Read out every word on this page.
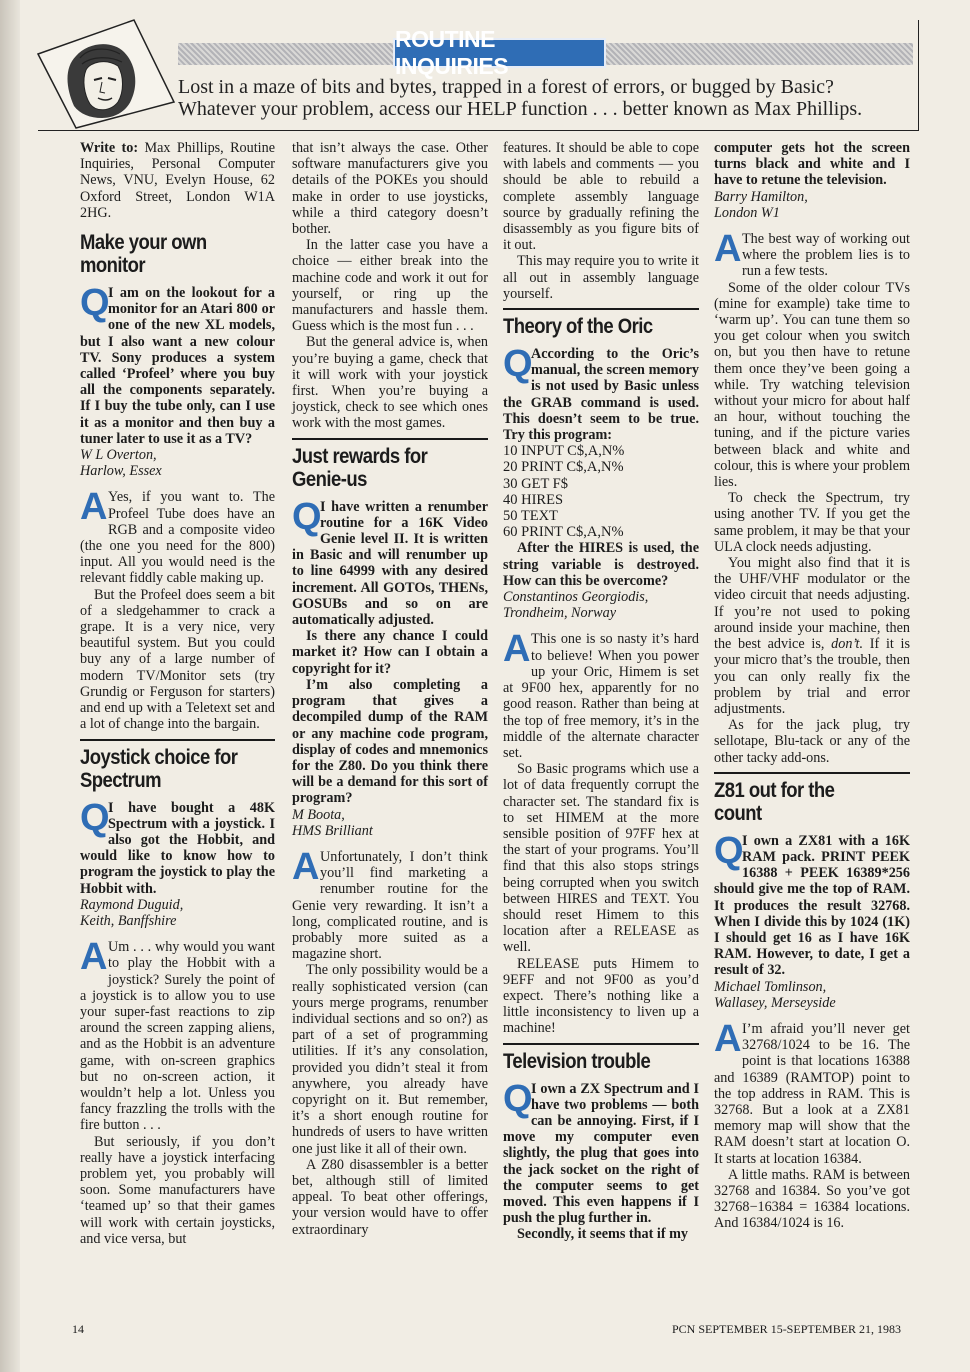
ROUTINE INQUIRIES
Lost in a maze of bits and bytes, trapped in a forest of errors, or bugged by Basic? Whatever your problem, access our HELP function . . . better known as Max Phillips.

Write to: Max Phillips, Routine Inquiries, Personal Computer News, VNU, Evelyn House, 62 Oxford Street, London W1A 2HG.

Make your own monitor

Q
I am on the lookout for a monitor for an Atari 800 or one of the new XL models, but I also want a new colour TV. Sony produces a system called ‘Profeel’ where you buy all the components separately. If I buy the tube only, can I use it as a monitor and then buy a tuner later to use it as a TV?

W L Overton,

Harlow, Essex

A Yes, if you want to. The Profeel Tube does have an RGB and a composite video (the one you need for the 800) input. All you would need is the relevant fiddly cable making up.

But the Profeel does seem a bit of a sledgehammer to crack a grape. It is a very nice, very beautiful system. But you could buy any of a large number of modern TV/Monitor sets (try Grundig or Ferguson for starters) and end up with a Teletext set and a lot of change into the bargain.

Joystick choice for Spectrum

Q
I have bought a 48K Spectrum with a joystick. I also got the Hobbit, and would like to know how to program the joystick to play the Hobbit with.

Raymond Duguid,

Keith, Banffshire

A Um . . . why would you want to play the Hobbit with a joystick? Surely the point of a joystick is to allow you to use your super-fast reactions to zip around the screen zapping aliens, and as the Hobbit is an adventure game, with on-screen graphics but no on-screen action, it wouldn’t help a lot. Unless you fancy frazzling the trolls with the fire button . . .

But seriously, if you don’t really have a joystick interfacing problem yet, you probably will soon. Some manufacturers have ‘teamed up’ so that their games will work with certain joysticks, and vice versa, but

that isn’t always the case. Other software manufacturers give you details of the POKEs you should make in order to use joysticks, while a third category doesn’t bother.

In the latter case you have a choice — either break into the machine code and work it out for yourself, or ring up the manufacturers and hassle them. Guess which is the most fun . . .

But the general advice is, when you’re buying a game, check that it will work with your joystick first. When you’re buying a joystick, check to see which ones work with the most games.

Just rewards for Genie-us

Q
I have written a renumber routine for a 16K Video Genie level II. It is written in Basic and will renumber up to line 64999 with any desired increment. All GOTOs, THENs, GOSUBs and so on are automatically adjusted.

Is there any chance I could market it? How can I obtain a copyright for it?

I’m also completing a program that gives a decompiled dump of the RAM or any machine code program, display of codes and mnemonics for the Z80. Do you think there will be a demand for this sort of program?

M Boota,

HMS Brilliant

A Unfortunately, I don’t think you’ll find marketing a renumber routine for the Genie very rewarding. It isn’t a long, complicated routine, and is probably more suited as a magazine short.

The only possibility would be a really sophisticated version (can yours merge programs, renumber individual sections and so on?) as part of a set of programming utilities. If it’s any consolation, provided you didn’t steal it from anywhere, you already have copyright on it. But remember, it’s a short enough routine for hundreds of users to have written one just like it all of their own.

A Z80 disassembler is a better bet, although still of limited appeal. To beat other offerings, your version would have to offer extraordinary

features. It should be able to cope with labels and comments — you should be able to rebuild a complete assembly language source by gradually refining the disassembly as you figure bits of it out.

This may require you to write it all out in assembly language yourself.

Theory of the Oric

Q
According to the Oric’s manual, the screen memory is not used by Basic unless the GRAB command is used. This doesn’t seem to be true. Try this program:

10 INPUT C$,A,N%

20 PRINT C$,A,N%

30 GET F$

40 HIRES

50 TEXT

60 PRINT C$,A,N%

After the HIRES is used, the string variable is destroyed. How can this be overcome?

Constantinos Georgiodis,

Trondheim, Norway

A This one is so nasty it’s hard to believe! When you power up your Oric, Himem is set at 9F00 hex, apparently for no good reason. Rather than being at the top of free memory, it’s in the middle of the alternate character set.

So Basic programs which use a lot of data frequently corrupt the character set. The standard fix is to set HIMEM at the more sensible position of 97FF hex at the start of your programs. You’ll find that this also stops strings being corrupted when you switch between HIRES and TEXT. You should reset Himem to this location after a RELEASE as well.

RELEASE puts Himem to 9EFF and not 9F00 as you’d expect. There’s nothing like a little inconsistency to liven up a machine!

Television trouble

Q
I own a ZX Spectrum and I have two problems — both can be annoying. First, if I move my computer even slightly, the plug that goes into the jack socket on the right of the computer seems to get moved. This even happens if I push the plug further in.

Secondly, it seems that if my

computer gets hot the screen turns black and white and I have to retune the television.

Barry Hamilton,

London W1

A The best way of working out where the problem lies is to run a few tests.

Some of the older colour TVs (mine for example) take time to ‘warm up’. You can tune them so you get colour when you switch on, but you then have to retune them once they’ve been going a while. Try watching television without your micro for about half an hour, without touching the tuning, and if the picture varies between black and white and colour, this is where your problem lies.

To check the Spectrum, try using another TV. If you get the same problem, it may be that your ULA clock needs adjusting.

You might also find that it is the UHF/VHF modulator or the video circuit that needs adjusting. If you’re not used to poking around inside your machine, then the best advice is, don’t. If it is your micro that’s the trouble, then you can only really fix the problem by trial and error adjustments.

As for the jack plug, try sellotape, Blu-tack or any of the other tacky add-ons.

Z81 out for the count

Q
I own a ZX81 with a 16K RAM pack. PRINT PEEK 16388 + PEEK 16389*256 should give me the top of RAM. It produces the result 32768. When I divide this by 1024 (1K) I should get 16 as I have 16K RAM. However, to date, I get a result of 32.

Michael Tomlinson,

Wallasey, Merseyside

A I’m afraid you’ll never get 32768/1024 to be 16. The point is that locations 16388 and 16389 (RAMTOP) point to the top address in RAM. This is 32768. But a look at a ZX81 memory map will show that the RAM doesn’t start at location O. It starts at location 16384.

A little maths. RAM is between 32768 and 16384. So you’ve got 32768−16384 = 16384 locations. And 16384/1024 is 16.

14	PCN SEPTEMBER 15-SEPTEMBER 21, 1983
